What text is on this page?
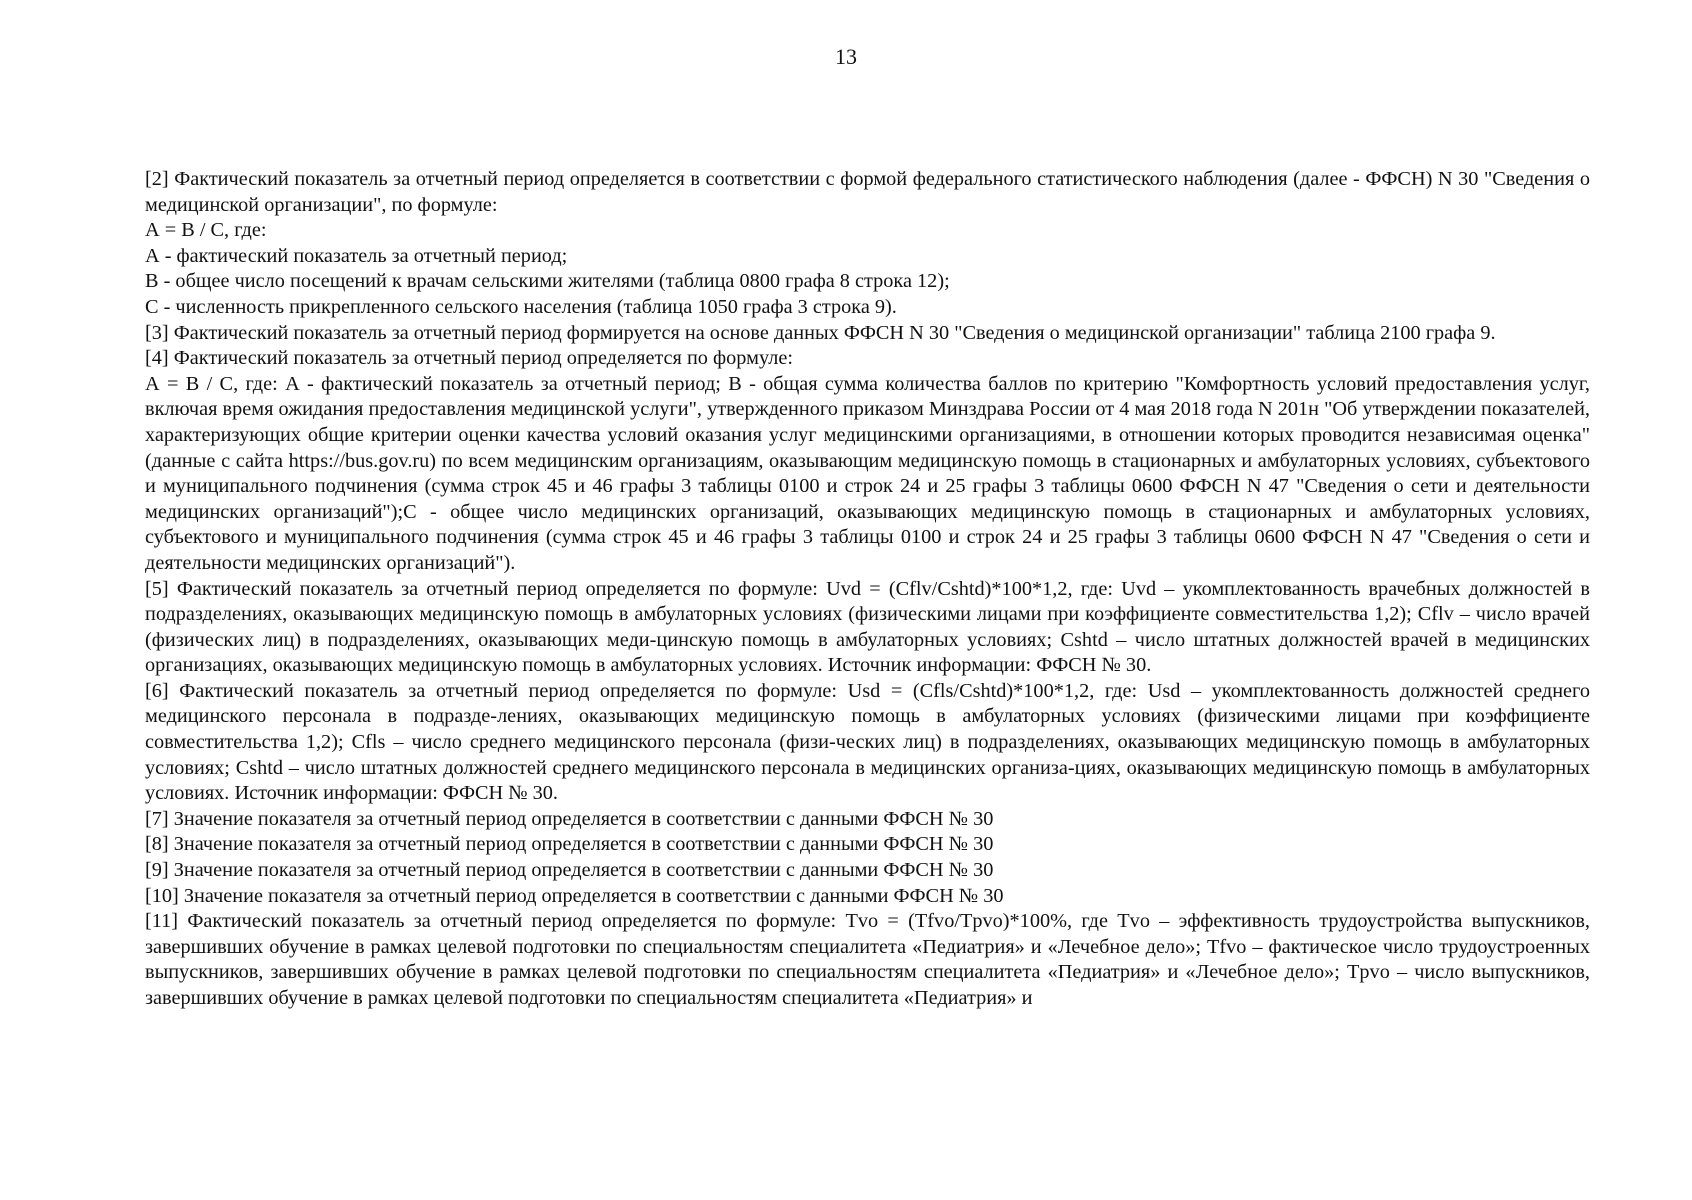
13

[2] Фактический показатель за отчетный период определяется в соответствии с формой федерального статистического наблюдения (далее - ФФСН) N 30 "Сведения о медицинской организации", по формуле:

А = В / С, где:

А - фактический показатель за отчетный период;

В - общее число посещений к врачам сельскими жителями (таблица 0800 графа 8 строка 12);

С - численность прикрепленного сельского населения (таблица 1050 графа 3 строка 9).

[3] Фактический показатель за отчетный период формируется на основе данных ФФСН N 30 "Сведения о медицинской организации" таблица 2100 графа 9.

[4] Фактический показатель за отчетный период определяется по формуле:

А = В / С, где: А - фактический показатель за отчетный период; В - общая сумма количества баллов по критерию "Комфортность условий предоставления услуг, включая время ожидания предоставления медицинской услуги", утвержденного приказом Минздрава России от 4 мая 2018 года N 201н "Об утверждении показателей, характеризующих общие критерии оценки качества условий оказания услуг медицинскими организациями, в отношении которых проводится независимая оценка" (данные с сайта https://bus.gov.ru) по всем медицинским организациям, оказывающим медицинскую помощь в стационарных и амбулаторных условиях, субъектового и муниципального подчинения (сумма строк 45 и 46 графы 3 таблицы 0100 и строк 24 и 25 графы 3 таблицы 0600 ФФСН N 47 "Сведения о сети и деятельности медицинских организаций");С - общее число медицинских организаций, оказывающих медицинскую помощь в стационарных и амбулаторных условиях, субъектового и муниципального подчинения (сумма строк 45 и 46 графы 3 таблицы 0100 и строк 24 и 25 графы 3 таблицы 0600 ФФСН N 47 "Сведения о сети и деятельности медицинских организаций").

[5] Фактический показатель за отчетный период определяется по формуле: Uvd = (Cflv/Cshtd)*100*1,2, где: Uvd – укомплектованность врачебных должностей в подразделениях, оказывающих медицинскую помощь в амбулаторных условиях (физическими лицами при коэффициенте совместительства 1,2); Cflv – число врачей (физических лиц) в подразделениях, оказывающих меди-цинскую помощь в амбулаторных условиях; Cshtd – число штатных должностей врачей в медицинских организациях, оказывающих медицинскую помощь в амбулаторных условиях. Источник информации: ФФСН № 30.

[6] Фактический показатель за отчетный период определяется по формуле: Usd = (Cfls/Cshtd)*100*1,2, где: Usd – укомплектованность должностей среднего медицинского персонала в подразде-лениях, оказывающих медицинскую помощь в амбулаторных условиях (физическими лицами при коэффициенте совместительства 1,2); Cfls – число среднего медицинского персонала (физи-ческих лиц) в подразделениях, оказывающих медицинскую помощь в амбулаторных условиях; Cshtd – число штатных должностей среднего медицинского персонала в медицинских организа-циях, оказывающих медицинскую помощь в амбулаторных условиях. Источник информации: ФФСН № 30.

[7] Значение показателя за отчетный период определяется в соответствии с данными ФФСН № 30

[8] Значение показателя за отчетный период определяется в соответствии с данными ФФСН № 30

[9] Значение показателя за отчетный период определяется в соответствии с данными ФФСН № 30

[10] Значение показателя за отчетный период определяется в соответствии с данными ФФСН № 30

[11] Фактический показатель за отчетный период определяется по формуле: Tvo = (Tfvo/Tpvo)*100%, где Tvo – эффективность трудоустройства выпускников, завершивших обучение в рамках целевой подготовки по специальностям специалитета «Педиатрия» и «Лечебное дело»; Tfvo – фактическое число трудоустроенных выпускников, завершивших обучение в рамках целевой подготовки по специальностям специалитета «Педиатрия» и «Лечебное дело»; Tpvo – число выпускников, завершивших обучение в рамках целевой подготовки по специальностям специалитета «Педиатрия» и
